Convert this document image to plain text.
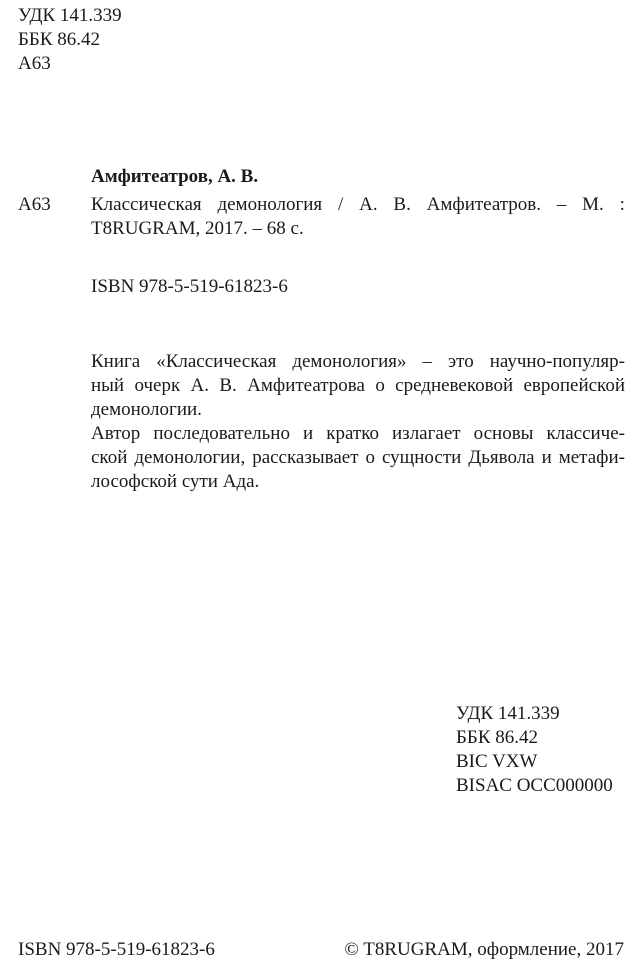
УДК 141.339
ББК 86.42
А63
Амфитеатров, А. В.
А63 Классическая демонология / А. В. Амфитеатров. – М. :
T8RUGRAM, 2017. – 68 с.
ISBN 978-5-519-61823-6
Книга «Классическая демонология» – это научно-популяр-
ный очерк А. В. Амфитеатрова о средневековой европейской
демонологии.
Автор последовательно и кратко излагает основы классиче-
ской демонологии, рассказывает о сущности Дьявола и метафи-
лософской сути Ада.
УДК 141.339
ББК 86.42
BIC VXW
BISAC OCC000000
ISBN 978-5-519-61823-6	© T8RUGRAM, оформление, 2017
